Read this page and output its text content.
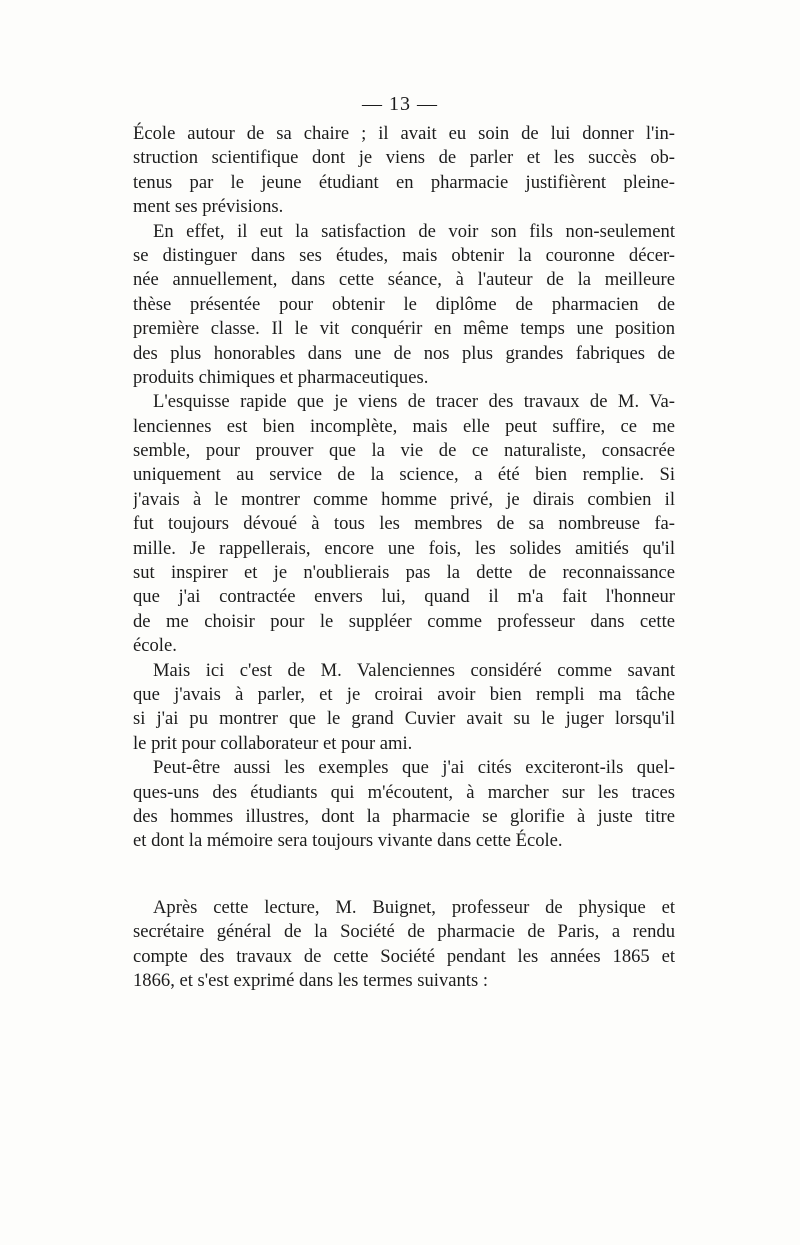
— 13 —
École autour de sa chaire ; il avait eu soin de lui donner l'in-
struction scientifique dont je viens de parler et les succès ob-
tenus par le jeune étudiant en pharmacie justifièrent pleine-
ment ses prévisions.
En effet, il eut la satisfaction de voir son fils non-seulement
se distinguer dans ses études, mais obtenir la couronne décer-
née annuellement, dans cette séance, à l'auteur de la meilleure
thèse présentée pour obtenir le diplôme de pharmacien de
première classe. Il le vit conquérir en même temps une position
des plus honorables dans une de nos plus grandes fabriques de
produits chimiques et pharmaceutiques.
L'esquisse rapide que je viens de tracer des travaux de M. Va-
lenciennes est bien incomplète, mais elle peut suffire, ce me
semble, pour prouver que la vie de ce naturaliste, consacrée
uniquement au service de la science, a été bien remplie. Si
j'avais à le montrer comme homme privé, je dirais combien il
fut toujours dévoué à tous les membres de sa nombreuse fa-
mille. Je rappellerais, encore une fois, les solides amitiés qu'il
sut inspirer et je n'oublierais pas la dette de reconnaissance
que j'ai contractée envers lui, quand il m'a fait l'honneur
de me choisir pour le suppléer comme professeur dans cette
école.
Mais ici c'est de M. Valenciennes considéré comme savant
que j'avais à parler, et je croirai avoir bien rempli ma tâche
si j'ai pu montrer que le grand Cuvier avait su le juger lorsqu'il
le prit pour collaborateur et pour ami.
Peut-être aussi les exemples que j'ai cités exciteront-ils quel-
ques-uns des étudiants qui m'écoutent, à marcher sur les traces
des hommes illustres, dont la pharmacie se glorifie à juste titre
et dont la mémoire sera toujours vivante dans cette École.
Après cette lecture, M. Buignet, professeur de physique et
secrétaire général de la Société de pharmacie de Paris, a rendu
compte des travaux de cette Société pendant les années 1865 et
1866, et s'est exprimé dans les termes suivants :
